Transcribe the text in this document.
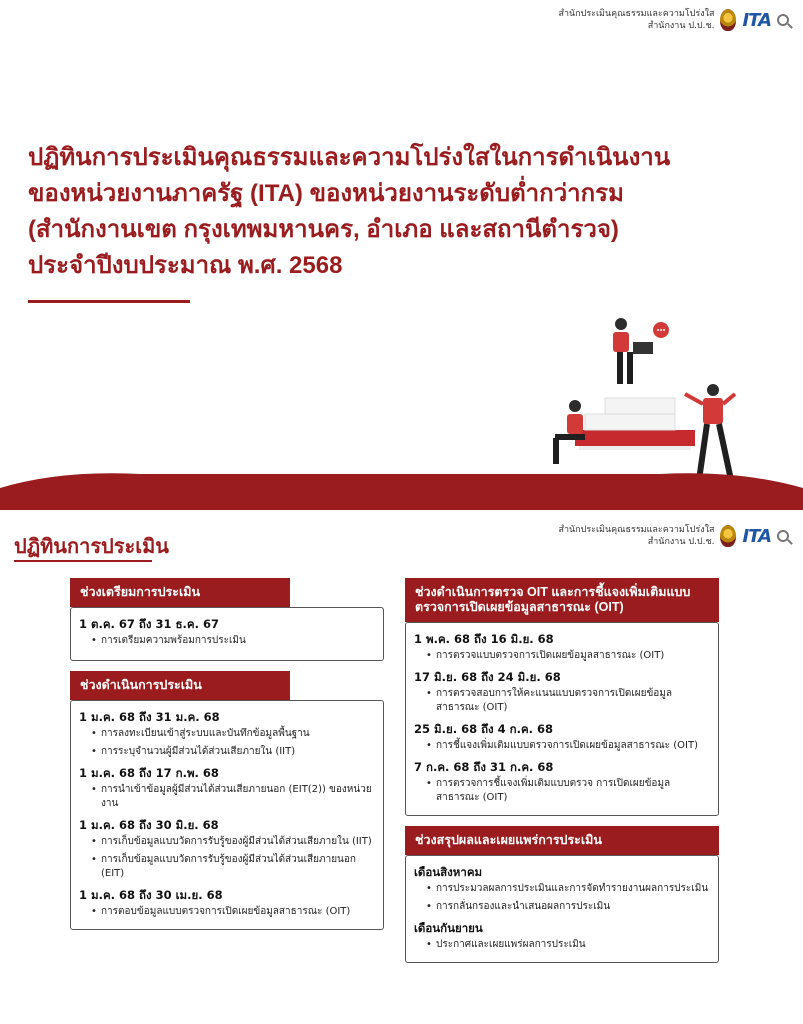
สำนักประเมินคุณธรรมและความโปร่งใส
สำนักงาน ป.ป.ช. ITA
ปฏิทินการประเมินคุณธรรมและความโปร่งใสในการดำเนินงาน
ของหน่วยงานภาครัฐ (ITA) ของหน่วยงานระดับต่ำกว่ากรม
(สำนักงานเขต กรุงเทพมหานคร, อำเภอ และสถานีตำรวจ)
ประจำปีงบประมาณ พ.ศ. 2568
ปฏิทินการประเมิน
สำนักประเมินคุณธรรมและความโปร่งใส
สำนักงาน ป.ป.ช. ITA
ช่วงเตรียมการประเมิน
1 ต.ค. 67 ถึง 31 ธ.ค. 67
• การเตรียมความพร้อมการประเมิน
ช่วงดำเนินการประเมิน
1 ม.ค. 68 ถึง 31 ม.ค. 68
• การลงทะเบียนเข้าสู่ระบบและบันทึกข้อมูลพื้นฐาน
• การระบุจำนวนผู้มีส่วนได้ส่วนเสียภายใน (IIT)
1 ม.ค. 68 ถึง 17 ก.พ. 68
• การนำเข้าข้อมูลผู้มีส่วนได้ส่วนเสียภายนอก (EIT(2)) ของหน่วยงาน
1 ม.ค. 68 ถึง 30 มิ.ย. 68
• การเก็บข้อมูลแบบวัดการรับรู้ของผู้มีส่วนได้ส่วนเสียภายใน (IIT)
• การเก็บข้อมูลแบบวัดการรับรู้ของผู้มีส่วนได้ส่วนเสียภายนอก (EIT)
1 ม.ค. 68 ถึง 30 เม.ย. 68
• การตอบข้อมูลแบบตรวจการเปิดเผยข้อมูลสาธารณะ (OIT)
ช่วงดำเนินการตรวจ OIT และการชี้แจงเพิ่มเติมแบบตรวจการเปิดเผยข้อมูลสาธารณะ (OIT)
1 พ.ค. 68 ถึง 16 มิ.ย. 68
• การตรวจแบบตรวจการเปิดเผยข้อมูลสาธารณะ (OIT)
17 มิ.ย. 68 ถึง 24 มิ.ย. 68
• การตรวจสอบการให้คะแนนแบบตรวจการเปิดเผยข้อมูลสาธารณะ (OIT)
25 มิ.ย. 68 ถึง 4 ก.ค. 68
• การชี้แจงเพิ่มเติมแบบตรวจการเปิดเผยข้อมูลสาธารณะ (OIT)
7 ก.ค. 68 ถึง 31 ก.ค. 68
• การตรวจการชี้แจงเพิ่มเติมแบบตรวจ การเปิดเผยข้อมูลสาธารณะ (OIT)
ช่วงสรุปผลและเผยแพร่การประเมิน
เดือนสิงหาคม
• การประมวลผลการประเมินและการจัดทำรายงานผลการประเมิน
• การกลั่นกรองและนำเสนอผลการประเมิน
เดือนกันยายน
• ประกาศและเผยแพร่ผลการประเมิน
